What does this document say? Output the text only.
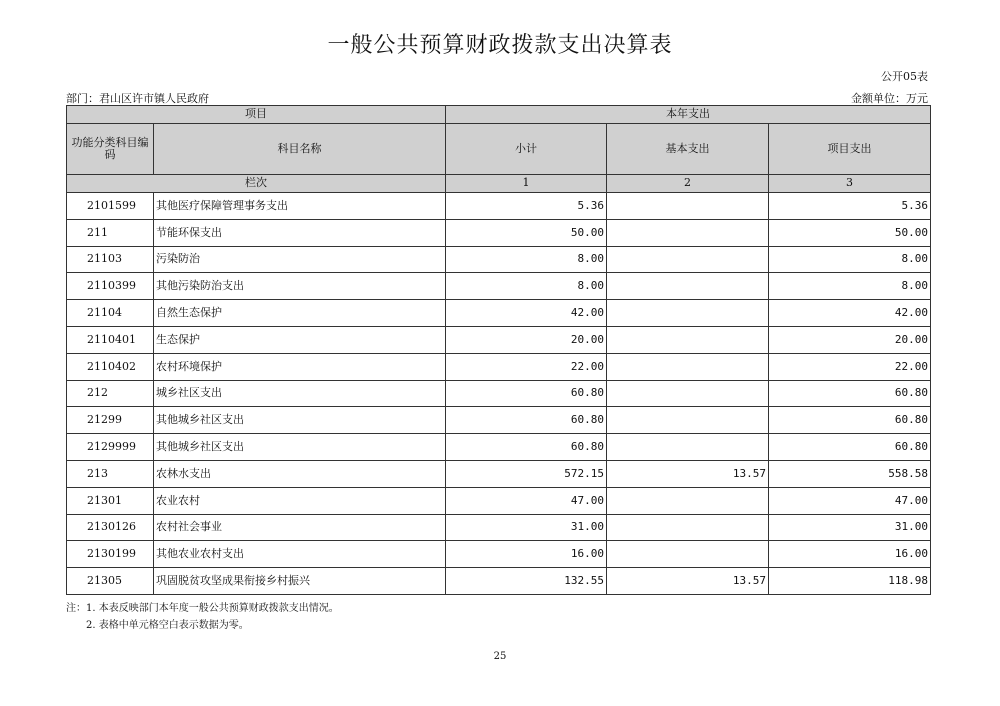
一般公共预算财政拨款支出决算表
公开05表
部门：君山区许市镇人民政府	金额单位：万元
项目		本年支出		
功能分类科目编码	科目名称	小计	基本支出	项目支出
栏次		1	2	3
2101599	其他医疗保障管理事务支出	5.36		5.36
211	节能环保支出	50.00		50.00
21103	污染防治	8.00		8.00
2110399	其他污染防治支出	8.00		8.00
21104	自然生态保护	42.00		42.00
2110401	生态保护	20.00		20.00
2110402	农村环境保护	22.00		22.00
212	城乡社区支出	60.80		60.80
21299	其他城乡社区支出	60.80		60.80
2129999	其他城乡社区支出	60.80		60.80
213	农林水支出	572.15	13.57	558.58
21301	农业农村	47.00		47.00
2130126	农村社会事业	31.00		31.00
2130199	其他农业农村支出	16.00		16.00
21305	巩固脱贫攻坚成果衔接乡村振兴	132.55	13.57	118.98
注：1. 本表反映部门本年度一般公共预算财政拨款支出情况。
2. 表格中单元格空白表示数据为零。
25
